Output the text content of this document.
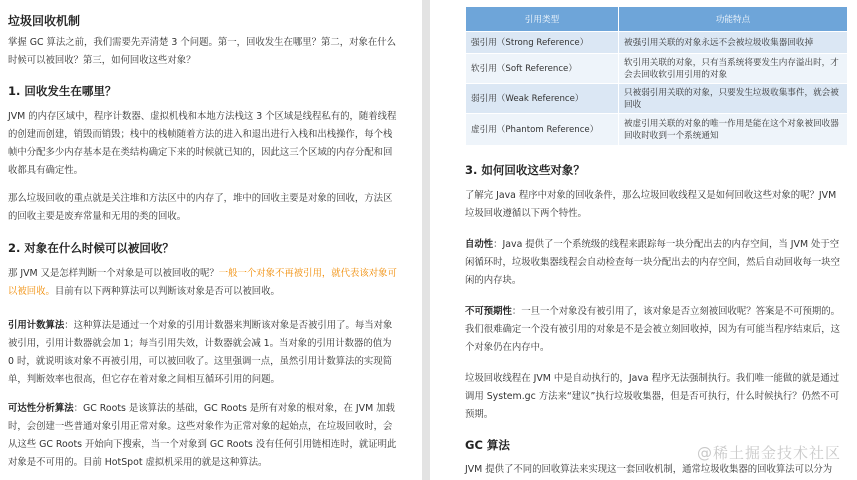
垃圾回收机制

掌握 GC 算法之前，我们需要先弄清楚 3 个问题。第一，回收发生在哪里？第二，对象在什么时候可以被回收？第三，如何回收这些对象？

1. 回收发生在哪里？

JVM 的内存区域中，程序计数器、虚拟机栈和本地方法栈这 3 个区域是线程私有的，随着线程的创建而创建，销毁而销毁；栈中的栈帧随着方法的进入和退出进行入栈和出栈操作，每个栈帧中分配多少内存基本是在类结构确定下来的时候就已知的，因此这三个区域的内存分配和回收都具有确定性。

那么垃圾回收的重点就是关注堆和方法区中的内存了，堆中的回收主要是对象的回收，方法区的回收主要是废弃常量和无用的类的回收。

2. 对象在什么时候可以被回收？

那 JVM 又是怎样判断一个对象是可以被回收的呢？一般一个对象不再被引用，就代表该对象可以被回收。目前有以下两种算法可以判断该对象是否可以被回收。

引用计数算法：这种算法是通过一个对象的引用计数器来判断该对象是否被引用了。每当对象被引用，引用计数器就会加 1；每当引用失效，计数器就会减 1。当对象的引用计数器的值为 0 时，就说明该对象不再被引用，可以被回收了。这里强调一点，虽然引用计数算法的实现简单，判断效率也很高，但它存在着对象之间相互循环引用的问题。

可达性分析算法：GC Roots 是该算法的基础，GC Roots 是所有对象的根对象，在 JVM 加载时，会创建一些普通对象引用正常对象。这些对象作为正常对象的起始点，在垃圾回收时，会从这些 GC Roots 开始向下搜索，当一个对象到 GC Roots 没有任何引用链相连时，就证明此对象是不可用的。目前 HotSpot 虚拟机采用的就是这种算法。

引用类型	功能特点
强引用（Strong Reference）	被强引用关联的对象永远不会被垃圾收集器回收掉
软引用（Soft Reference）	软引用关联的对象，只有当系统将要发生内存溢出时，才会去回收软引用引用的对象
弱引用（Weak Reference）	只被弱引用关联的对象，只要发生垃圾收集事件，就会被回收
虚引用（Phantom Reference）	被虚引用关联的对象的唯一作用是能在这个对象被回收器回收时收到一个系统通知
3. 如何回收这些对象？

了解完 Java 程序中对象的回收条件，那么垃圾回收线程又是如何回收这些对象的呢？JVM 垃圾回收遵循以下两个特性。

自动性：Java 提供了一个系统级的线程来跟踪每一块分配出去的内存空间，当 JVM 处于空闲循环时，垃圾收集器线程会自动检查每一块分配出去的内存空间，然后自动回收每一块空闲的内存块。

不可预期性：一旦一个对象没有被引用了，该对象是否立刻被回收呢？答案是不可预期的。我们很难确定一个没有被引用的对象是不是会被立刻回收掉，因为有可能当程序结束后，这个对象仍在内存中。

垃圾回收线程在 JVM 中是自动执行的，Java 程序无法强制执行。我们唯一能做的就是通过调用 System.gc 方法来“建议”执行垃圾收集器，但是否可执行，什么时候执行？仍然不可预期。

GC 算法

JVM 提供了不同的回收算法来实现这一套回收机制，通常垃圾收集器的回收算法可以分为

@稀土掘金技术社区
